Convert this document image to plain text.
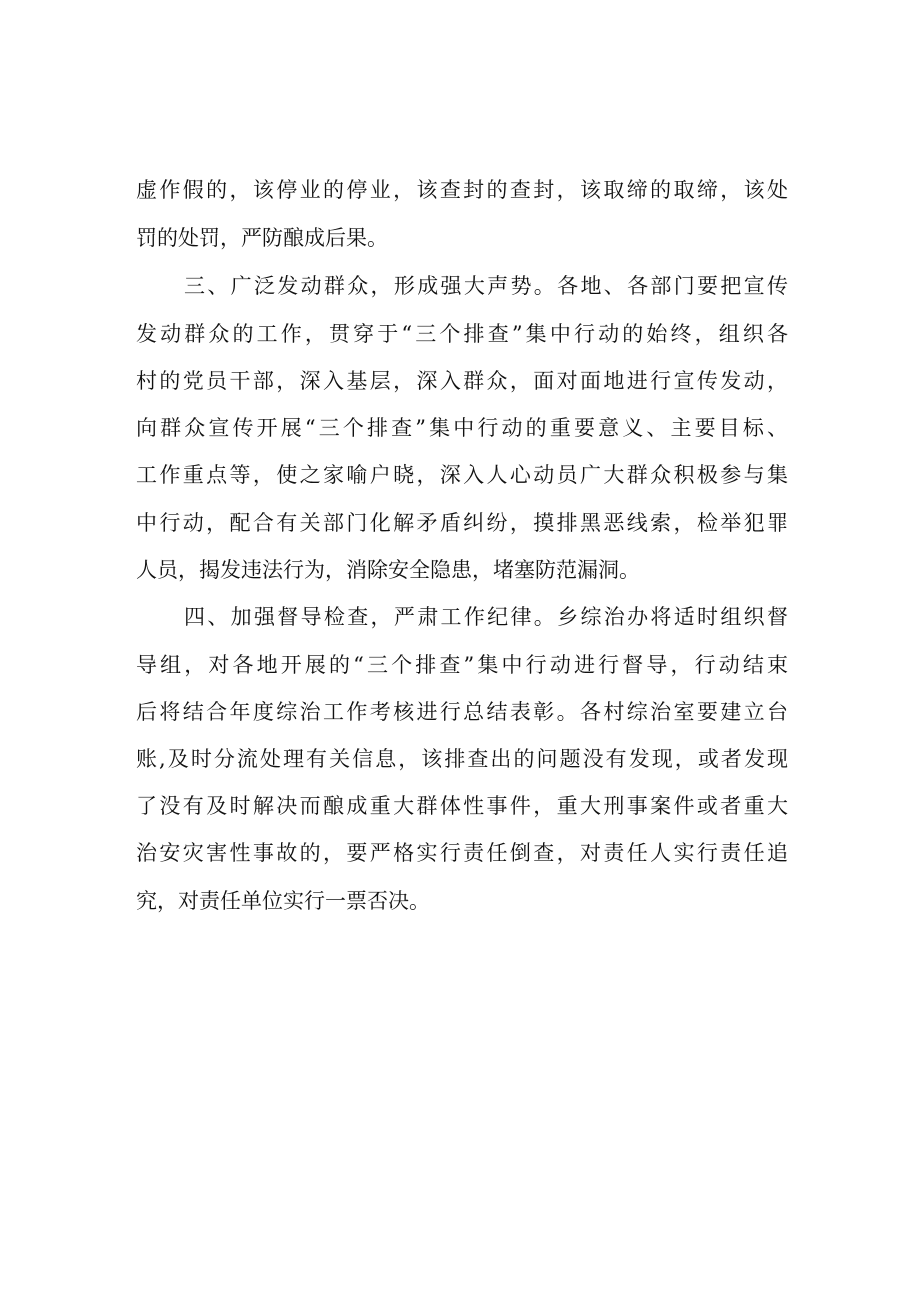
虚作假的，该停业的停业，该查封的查封，该取缔的取缔，该处
罚的处罚，严防酿成后果。
三、广泛发动群众，形成强大声势。各地、各部门要把宣传
发动群众的工作，贯穿于“三个排查”集中行动的始终，组织各
村的党员干部，深入基层，深入群众，面对面地进行宣传发动，
向群众宣传开展“三个排查”集中行动的重要意义、主要目标、
工作重点等，使之家喻户晓，深入人心动员广大群众积极参与集
中行动，配合有关部门化解矛盾纠纷，摸排黑恶线索，检举犯罪
人员，揭发违法行为，消除安全隐患，堵塞防范漏洞。
四、加强督导检查，严肃工作纪律。乡综治办将适时组织督
导组，对各地开展的“三个排查”集中行动进行督导，行动结束
后将结合年度综治工作考核进行总结表彰。各村综治室要建立台
账,及时分流处理有关信息，该排查出的问题没有发现，或者发现
了没有及时解决而酿成重大群体性事件，重大刑事案件或者重大
治安灾害性事故的，要严格实行责任倒查，对责任人实行责任追
究，对责任单位实行一票否决。
